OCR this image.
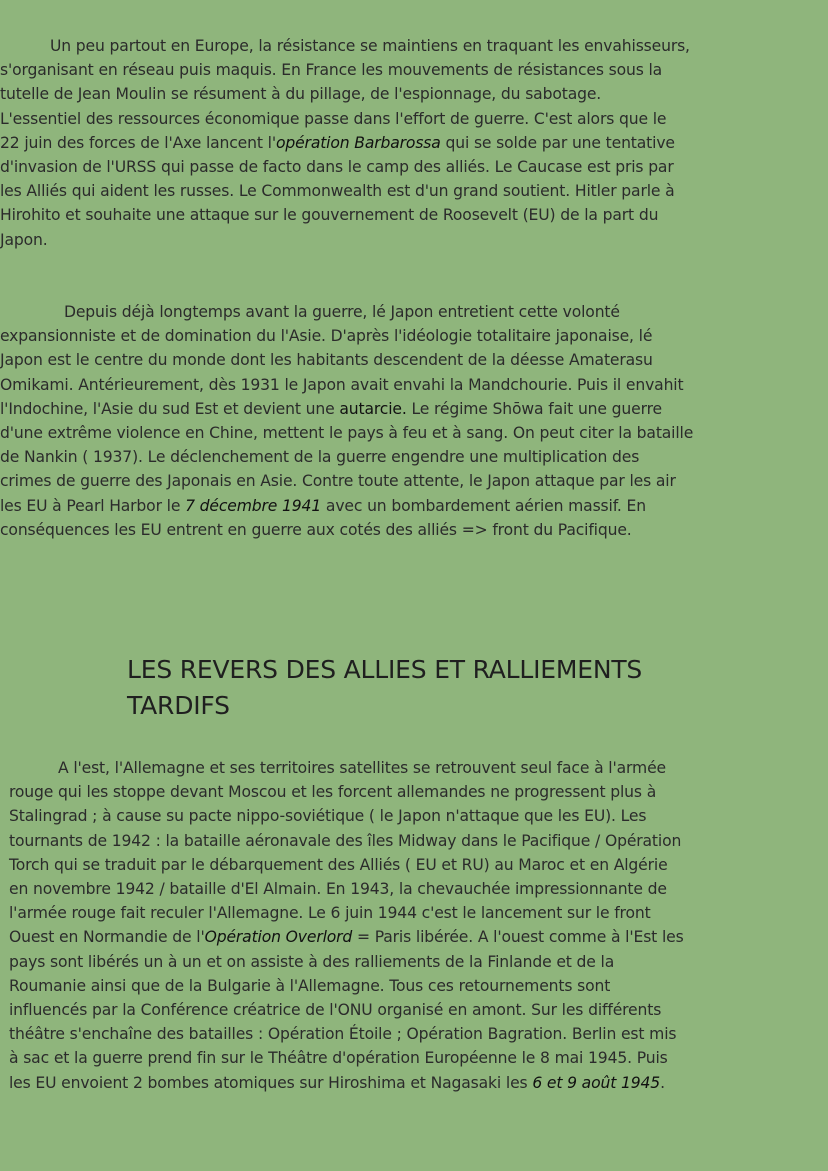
Un peu partout en Europe, la résistance se maintiens en traquant les envahisseurs,
s'organisant en réseau puis maquis. En France les mouvements de résistances sous la
tutelle de Jean Moulin se résument à du pillage, de l'espionnage, du sabotage.
L'essentiel des ressources économique passe dans l'effort de guerre. C'est alors que le
22 juin des forces de l'Axe lancent l'opération Barbarossa qui se solde par une tentative
d'invasion de l'URSS qui passe de facto dans le camp des alliés. Le Caucase est pris par
les Alliés qui aident les russes. Le Commonwealth est d'un grand soutient. Hitler parle à
Hirohito et souhaite une attaque sur le gouvernement de Roosevelt (EU) de la part du
Japon.

Depuis déjà longtemps avant la guerre, lé Japon entretient cette volonté
expansionniste et de domination du l'Asie. D'après l'idéologie totalitaire japonaise, lé
Japon est le centre du monde dont les habitants descendent de la déesse Amaterasu
Omikami. Antérieurement, dès 1931 le Japon avait envahi la Mandchourie. Puis il envahit
l'Indochine, l'Asie du sud Est et devient une autarcie. Le régime Shōwa fait une guerre
d'une extrême violence en Chine, mettent le pays à feu et à sang. On peut citer la bataille
de Nankin ( 1937). Le déclenchement de la guerre engendre une multiplication des
crimes de guerre des Japonais en Asie. Contre toute attente, le Japon attaque par les air
les EU à Pearl Harbor le 7 décembre 1941 avec un bombardement aérien massif. En
conséquences les EU entrent en guerre aux cotés des alliés => front du Pacifique.

LES REVERS DES ALLIES ET RALLIEMENTS
TARDIFS

A l'est, l'Allemagne et ses territoires satellites se retrouvent seul face à l'armée
rouge qui les stoppe devant Moscou et les forcent allemandes ne progressent plus à
Stalingrad ; à cause su pacte nippo-soviétique ( le Japon n'attaque que les EU). Les
tournants de 1942 : la bataille aéronavale des îles Midway dans le Pacifique / Opération
Torch qui se traduit par le débarquement des Alliés ( EU et RU) au Maroc et en Algérie
en novembre 1942 / bataille d'El Almain. En 1943, la chevauchée impressionnante de
l'armée rouge fait reculer l'Allemagne. Le 6 juin 1944 c'est le lancement sur le front
Ouest en Normandie de l'Opération Overlord = Paris libérée. A l'ouest comme à l'Est les
pays sont libérés un à un et on assiste à des ralliements de la Finlande et de la
Roumanie ainsi que de la Bulgarie à l'Allemagne. Tous ces retournements sont
influencés par la Conférence créatrice de l'ONU organisé en amont. Sur les différents
théâtre s'enchaîne des batailles : Opération Étoile ; Opération Bagration. Berlin est mis
à sac et la guerre prend fin sur le Théâtre d'opération Européenne le 8 mai 1945. Puis
les EU envoient 2 bombes atomiques sur Hiroshima et Nagasaki les 6 et 9 août 1945.
